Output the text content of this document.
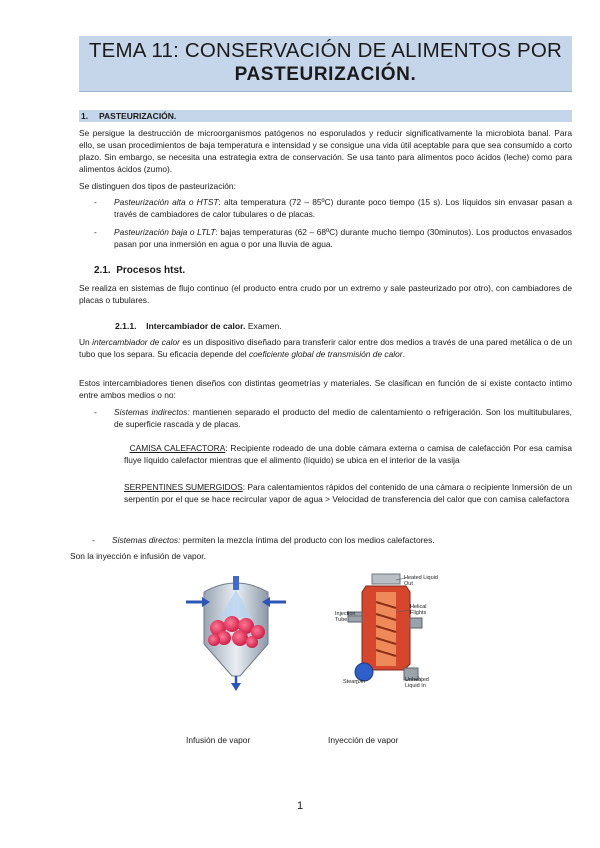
TEMA 11: CONSERVACIÓN DE ALIMENTOS POR
PASTEURIZACIÓN.
1. PASTEURIZACIÓN.
Se persigue la destrucción de microorganismos patógenos no esporulados y reducir significativamente la microbiota banal. Para ello, se usan procedimientos de baja temperatura e intensidad y se consigue una vida útil aceptable para que sea consumido a corto plazo. Sin embargo, se necesita una estrategia extra de conservación. Se usa tanto para alimentos poco ácidos (leche) como para alimentos ácidos (zumo).
Se distinguen dos tipos de pasteurización:
- Pasteurización alta o HTST: alta temperatura (72 – 85ºC) durante poco tiempo (15 s). Los líquidos sin envasar pasan a través de cambiadores de calor tubulares o de placas.
- Pasteurización baja o LTLT: bajas temperaturas (62 – 68ºC) durante mucho tiempo (30minutos). Los productos envasados pasan por una inmersión en agua o por una lluvia de agua.
2.1. Procesos htst.
Se realiza en sistemas de flujo continuo (el producto entra crudo por un extremo y sale pasteurizado por otro), con cambiadores de placas o tubulares.
2.1.1. Intercambiador de calor. Examen.
Un intercambiador de calor es un dispositivo diseñado para transferir calor entre dos medios a través de una pared metálica o de un tubo que los separa. Su eficacia depende del coeficiente global de transmisión de calor.
Estos intercambiadores tienen diseños con distintas geometrías y materiales. Se clasifican en función de si existe contacto íntimo entre ambos medios o no:
- Sistemas indirectos: mantienen separado el producto del medio de calentamiento o refrigeración. Son los multitubulares, de superficie rascada y de placas.
CAMISA CALEFACTORA: Recipiente rodeado de una doble cámara externa o camisa de calefacción Por esa camisa fluye líquido calefactor mientras que el alimento (líquido) se ubica en el interior de la vasija
SERPENTINES SUMERGIDOS: Para calentamientos rápidos del contenido de una cámara o recipiente Inmersión de un serpentín por el que se hace recircular vapor de agua > Velocidad de transferencia del calor que con camisa calefactora
- Sistemas directos: permiten la mezcla íntima del producto con los medios calefactores.
Son la inyección e infusión de vapor.
Heated Liquid Out
Injection Tube
Helical Flights
Steam In	Unheated Liquid In
Infusión de vapor	Inyección de vapor
1
